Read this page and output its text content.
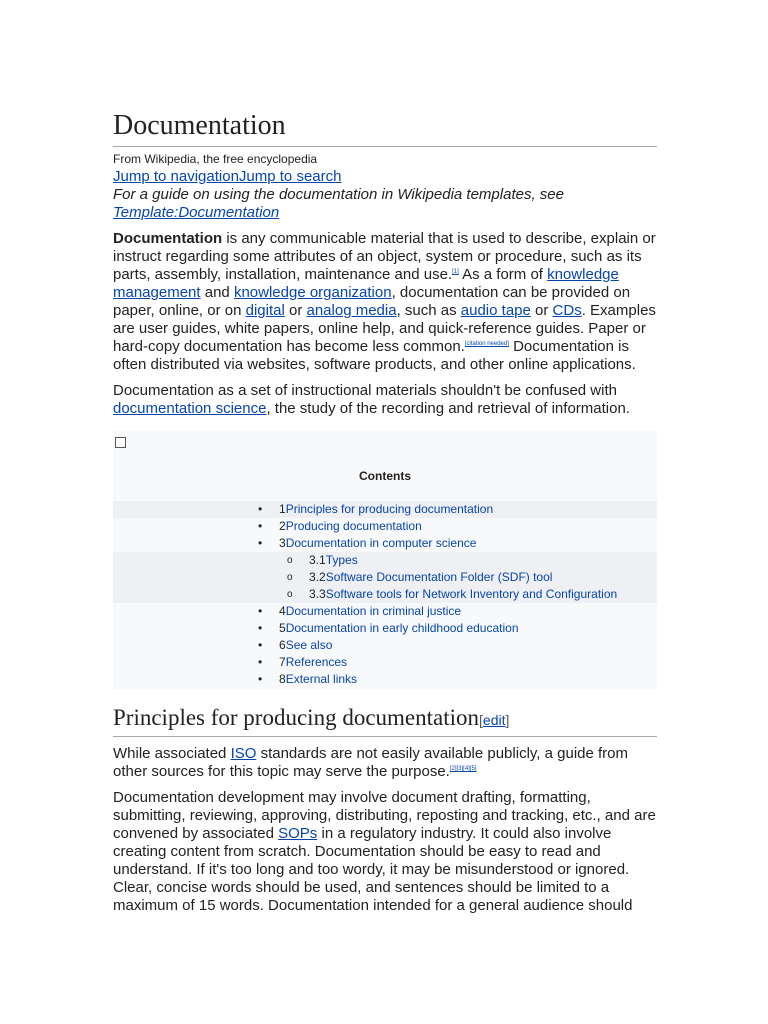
Documentation
From Wikipedia, the free encyclopedia
Jump to navigationJump to search
For a guide on using the documentation in Wikipedia templates, see Template:Documentation

Documentation is any communicable material that is used to describe, explain or instruct regarding some attributes of an object, system or procedure, such as its parts, assembly, installation, maintenance and use.[1] As a form of knowledge management and knowledge organization, documentation can be provided on paper, online, or on digital or analog media, such as audio tape or CDs. Examples are user guides, white papers, online help, and quick-reference guides. Paper or hard-copy documentation has become less common.[citation needed] Documentation is often distributed via websites, software products, and other online applications.

Documentation as a set of instructional materials shouldn't be confused with documentation science, the study of the recording and retrieval of information.

Contents
• 1Principles for producing documentation
• 2Producing documentation
• 3Documentation in computer science
o 3.1Types
o 3.2Software Documentation Folder (SDF) tool
o 3.3Software tools for Network Inventory and Configuration
• 4Documentation in criminal justice
• 5Documentation in early childhood education
• 6See also
• 7References
• 8External links
Principles for producing documentation[edit]

While associated ISO standards are not easily available publicly, a guide from other sources for this topic may serve the purpose.[2][3][4][5]

Documentation development may involve document drafting, formatting, submitting, reviewing, approving, distributing, reposting and tracking, etc., and are convened by associated SOPs in a regulatory industry. It could also involve creating content from scratch. Documentation should be easy to read and understand. If it's too long and too wordy, it may be misunderstood or ignored. Clear, concise words should be used, and sentences should be limited to a maximum of 15 words. Documentation intended for a general audience should
